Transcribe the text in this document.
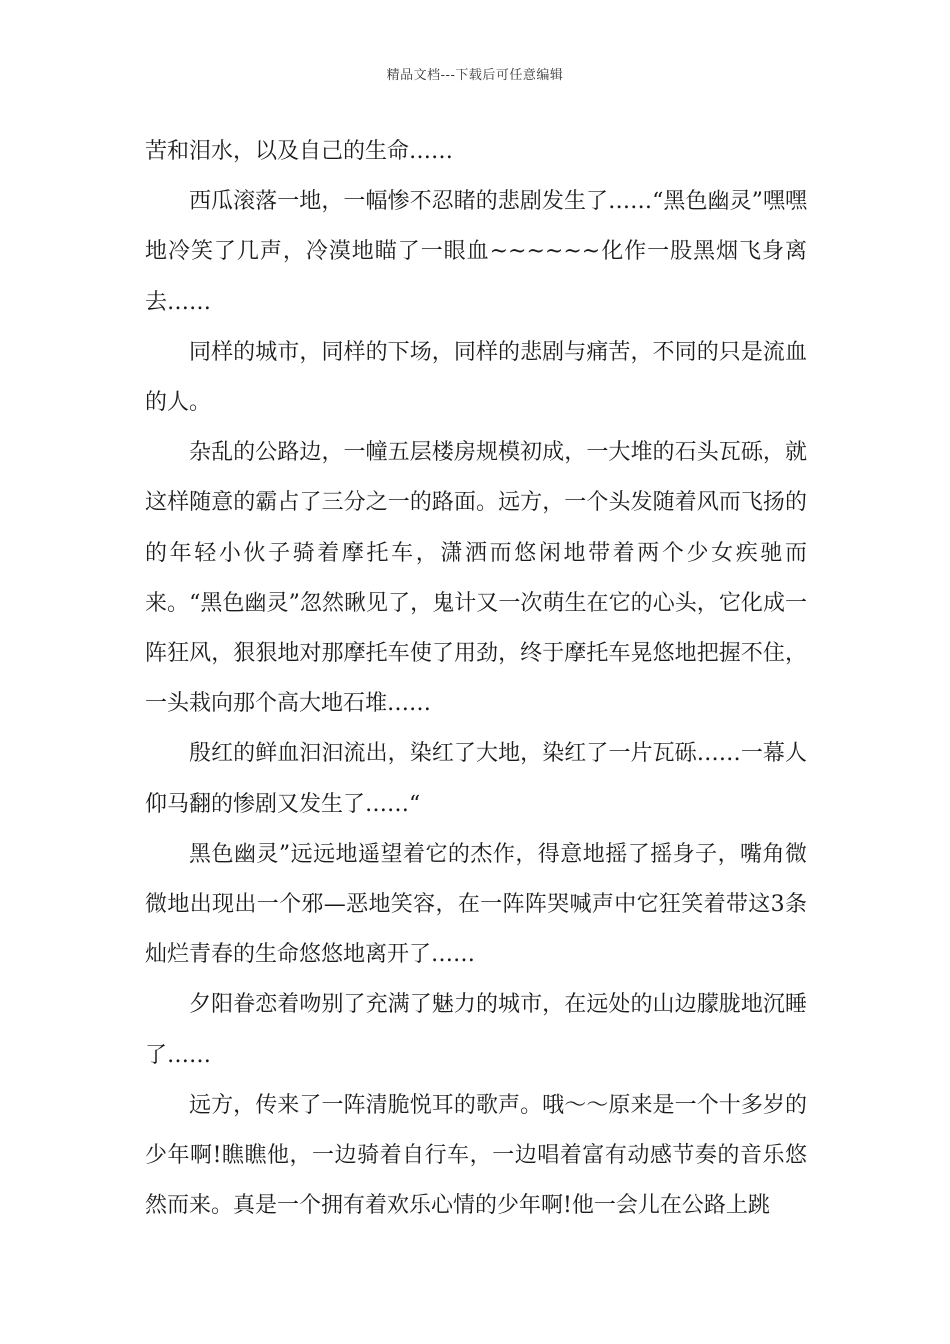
精品文档---下载后可任意编辑

苦和泪水，以及自己的生命……

西瓜滚落一地，一幅惨不忍睹的悲剧发生了……“黑色幽灵”嘿嘿地冷笑了几声，冷漠地瞄了一眼血~~~~~~化作一股黑烟飞身离去……

同样的城市，同样的下场，同样的悲剧与痛苦，不同的只是流血的人。

杂乱的公路边，一幢五层楼房规模初成，一大堆的石头瓦砾，就这样随意的霸占了三分之一的路面。远方，一个头发随着风而飞扬的的年轻小伙子骑着摩托车，潇洒而悠闲地带着两个少女疾驰而来。“黑色幽灵”忽然瞅见了，鬼计又一次萌生在它的心头，它化成一阵狂风，狠狠地对那摩托车使了用劲，终于摩托车晃悠地把握不住，一头栽向那个高大地石堆……

殷红的鲜血汩汩流出，染红了大地，染红了一片瓦砾……一幕人仰马翻的惨剧又发生了……“

黑色幽灵”远远地遥望着它的杰作，得意地摇了摇身子，嘴角微微地出现出一个邪—恶地笑容，在一阵阵哭喊声中它狂笑着带这3条灿烂青春的生命悠悠地离开了……

夕阳眷恋着吻别了充满了魅力的城市，在远处的山边朦胧地沉睡了……

远方，传来了一阵清脆悦耳的歌声。哦～～原来是一个十多岁的少年啊!瞧瞧他，一边骑着自行车，一边唱着富有动感节奏的音乐悠然而来。真是一个拥有着欢乐心情的少年啊!他一会儿在公路上跳
